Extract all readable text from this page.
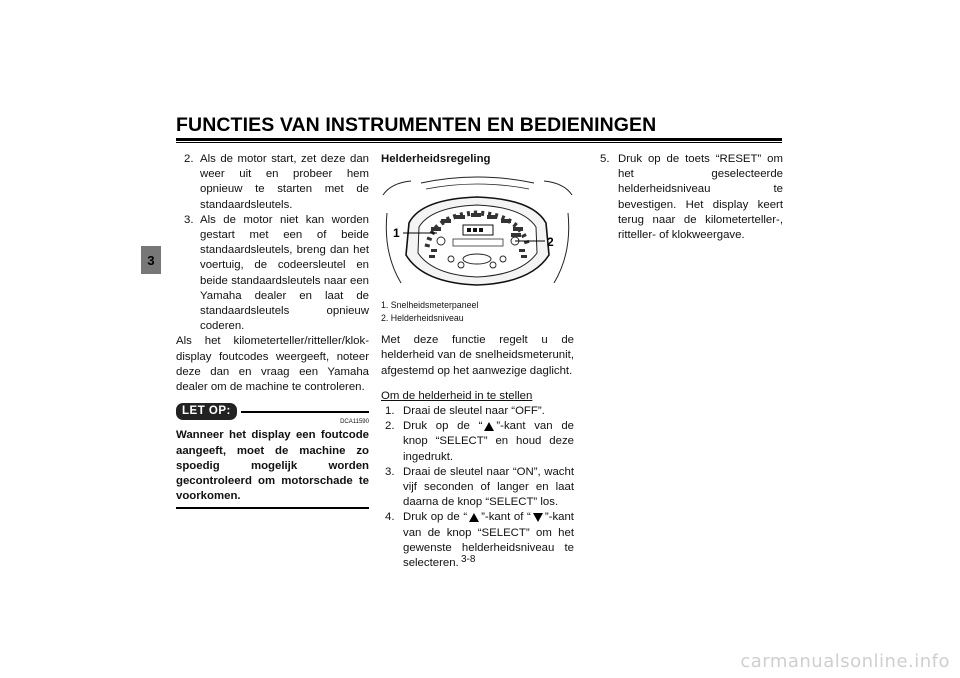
FUNCTIES VAN INSTRUMENTEN EN BEDIENINGEN
3
2. Als de motor start, zet deze dan weer uit en probeer hem opnieuw te starten met de standaardsleutels.
3. Als de motor niet kan worden gestart met een of beide standaardsleutels, breng dan het voertuig, de codeersleutel en beide standaardsleutels naar een Yamaha dealer en laat de standaardsleutels opnieuw coderen.
Als het kilometerteller/ritteller/klok-display foutcodes weergeeft, noteer deze dan en vraag een Yamaha dealer om de machine te controleren.
LET OP:
DCA11590
Wanneer het display een foutcode aangeeft, moet de machine zo spoedig mogelijk worden gecontroleerd om motorschade te voorkomen.
Helderheidsregeling
1
2
1. Snelheidsmeterpaneel
2. Helderheidsniveau
Met deze functie regelt u de helderheid van de snelheidsmeterunit, afgestemd op het aanwezige daglicht.
Om de helderheid in te stellen
1. Draai de sleutel naar “OFF”.
2. Druk op de “ ”-kant van de knop “SELECT” en houd deze ingedrukt.
3. Draai de sleutel naar “ON”, wacht vijf seconden of langer en laat daarna de knop “SELECT” los.
4. Druk op de “ ”-kant of “ ”-kant van de knop “SELECT” om het gewenste helderheidsniveau te selecteren.
5. Druk op de toets “RESET” om het geselecteerde helderheidsniveau te bevestigen. Het display keert terug naar de kilometerteller-, ritteller- of klokweergave.
3-8
carmanualsonline.info
